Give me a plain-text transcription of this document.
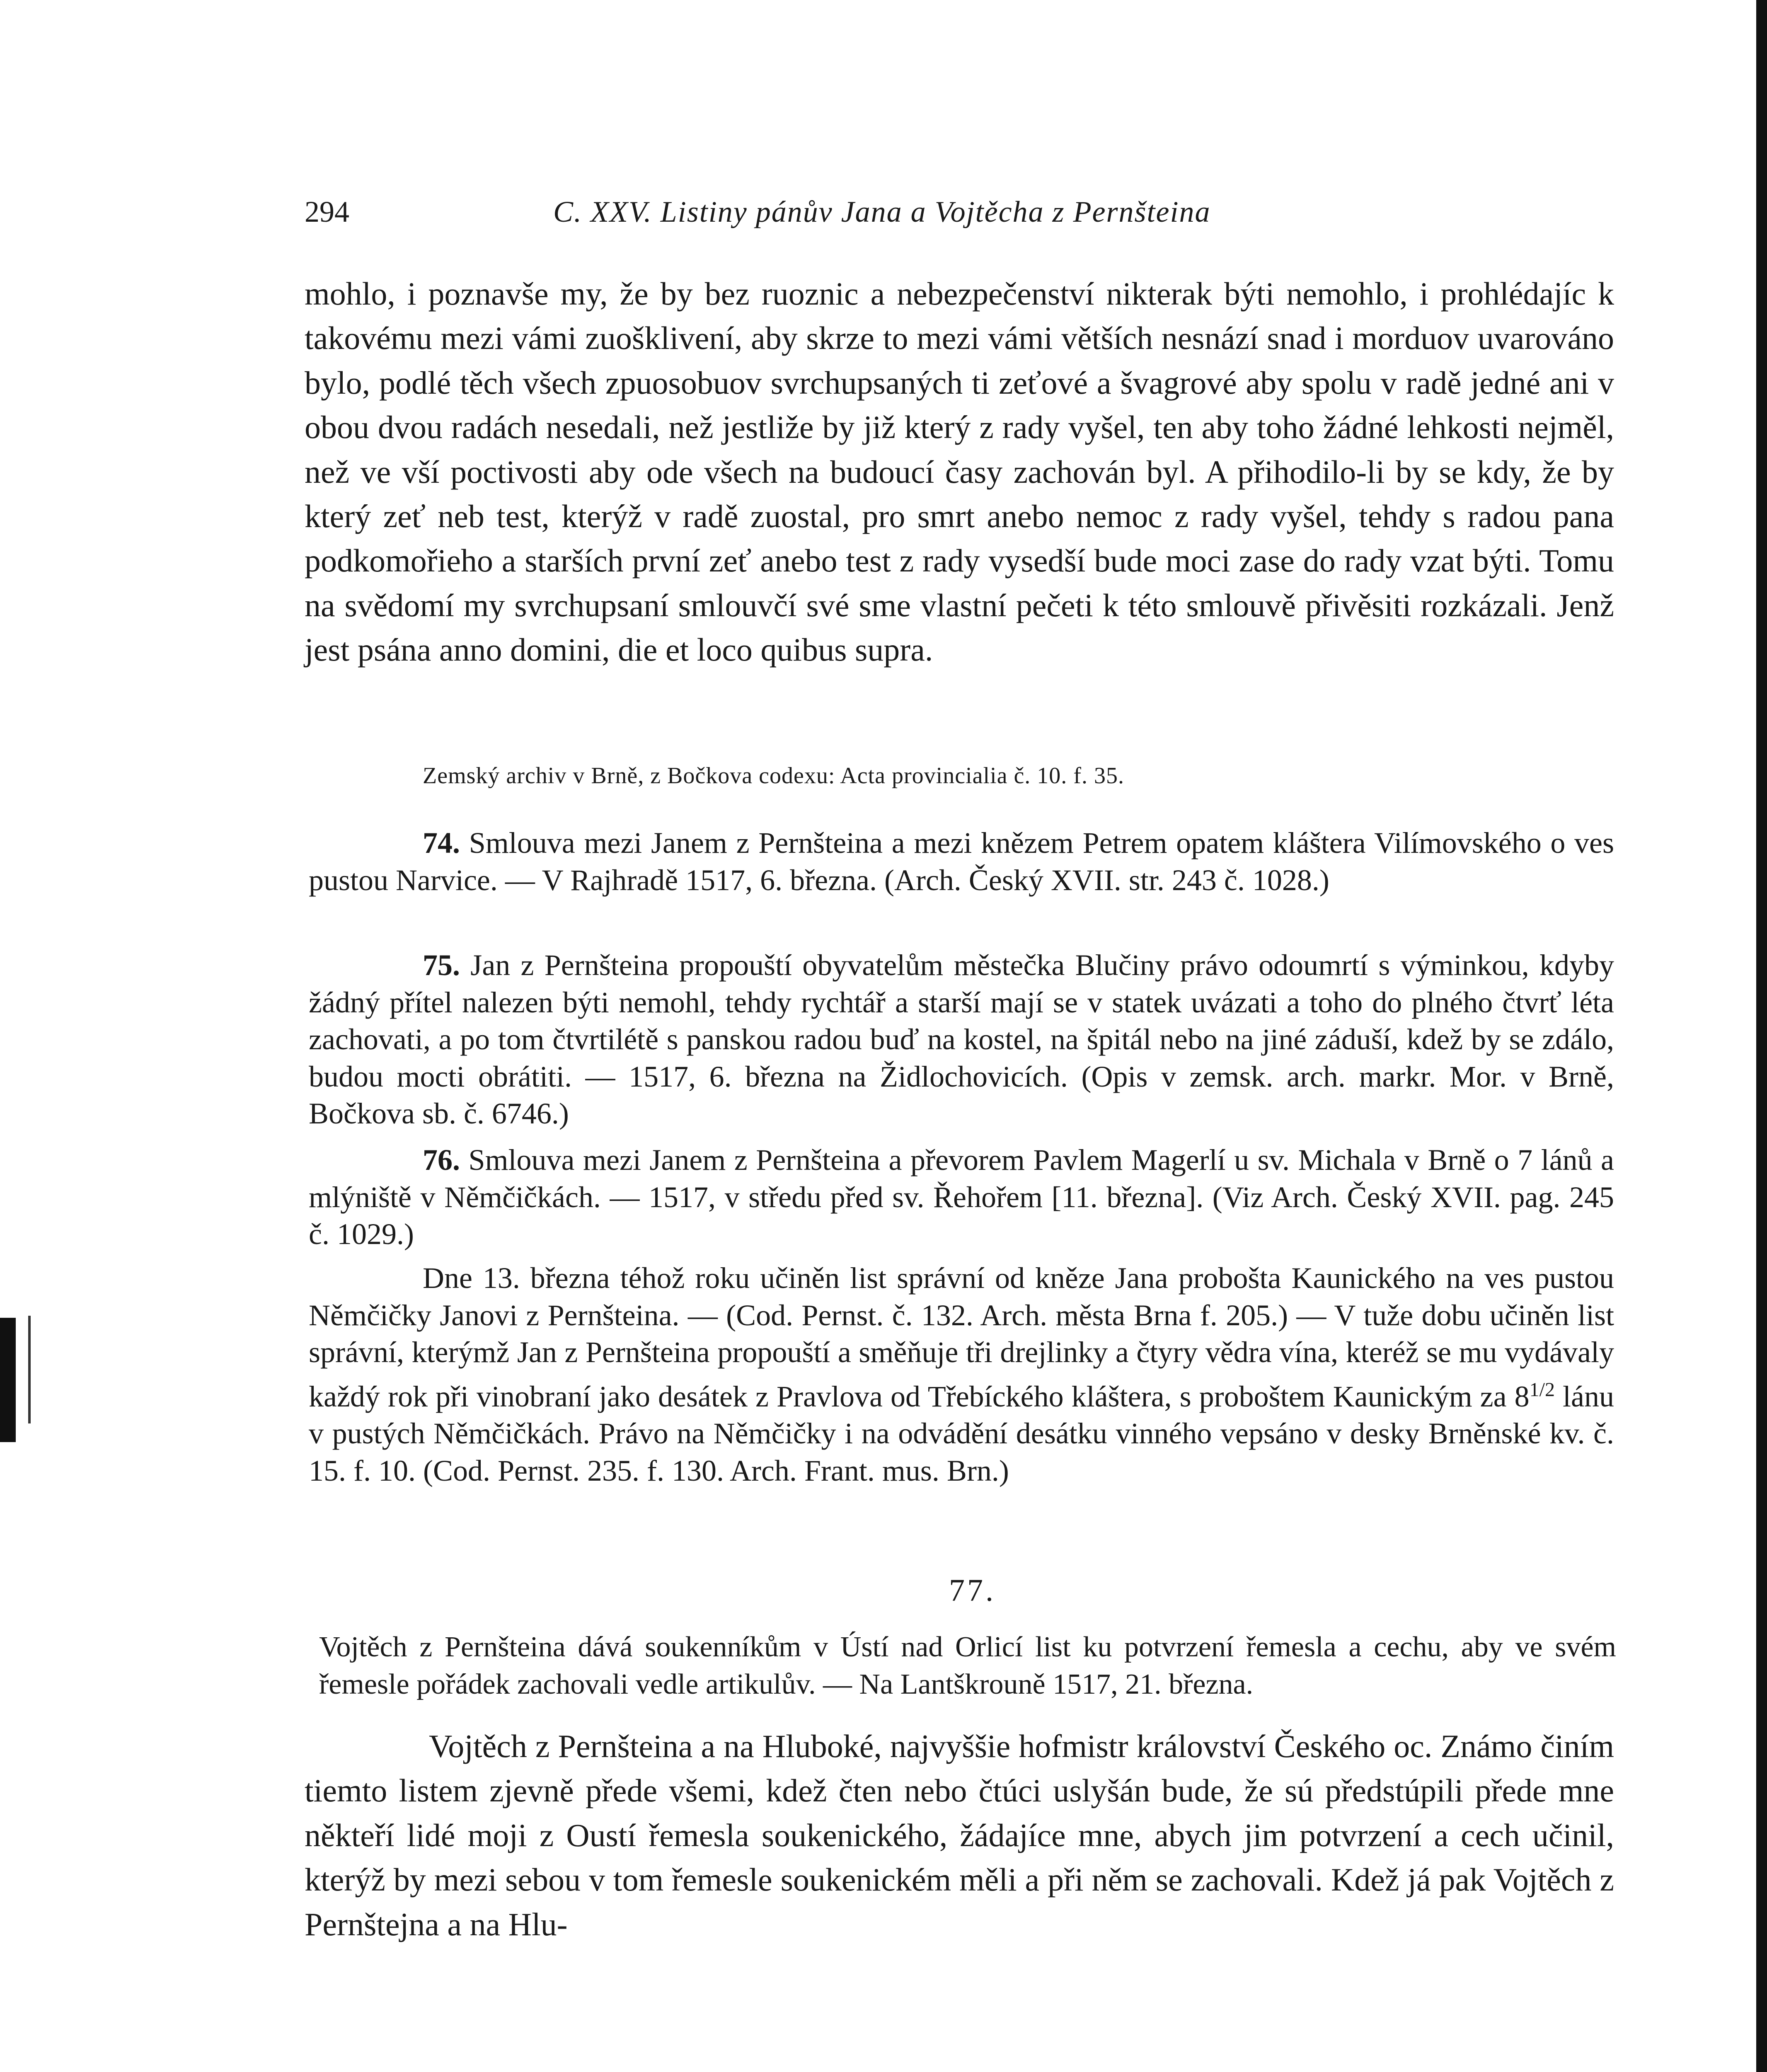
294	C. XXV. Listiny pánův Jana a Vojtěcha z Pernšteina

mohlo, i poznavše my, že by bez ruoznic a nebezpečenství nikterak býti nemohlo, i prohlédajíc k takovému mezi vámi zuošklivení, aby skrze to mezi vámi větších nesnází snad i morduov uvarováno bylo, podlé těch všech zpuosobuov svrchupsaných ti zeťové a švagrové aby spolu v radě jedné ani v obou dvou radách nesedali, než jestliže by již který z rady vyšel, ten aby toho žádné lehkosti nejměl, než ve vší poctivosti aby ode všech na budoucí časy zachován byl. A přihodilo-li by se kdy, že by který zeť neb test, kterýž v radě zuostal, pro smrt anebo nemoc z rady vyšel, tehdy s radou pana podkomořieho a starších první zeť anebo test z rady vysedší bude moci zase do rady vzat býti. Tomu na svědomí my svrchupsaní smlouvčí své sme vlastní pečeti k této smlouvě přivěsiti rozkázali. Jenž jest psána anno domini, die et loco quibus supra.

Zemský archiv v Brně, z Bočkova codexu: Acta provincialia č. 10. f. 35.

74. Smlouva mezi Janem z Pernšteina a mezi knězem Petrem opatem kláštera Vilímovského o ves pustou Narvice. — V Rajhradě 1517, 6. března. (Arch. Český XVII. str. 243 č. 1028.)

75. Jan z Pernšteina propouští obyvatelům městečka Blučiny právo odoumrtí s výminkou, kdyby žádný přítel nalezen býti nemohl, tehdy rychtář a starší mají se v statek uvázati a toho do plného čtvrť léta zachovati, a po tom čtvrtilétě s panskou radou buď na kostel, na špitál nebo na jiné záduší, kdež by se zdálo, budou mocti obrátiti. — 1517, 6. března na Židlochovicích. (Opis v zemsk. arch. markr. Mor. v Brně, Bočkova sb. č. 6746.)

76. Smlouva mezi Janem z Pernšteina a převorem Pavlem Magerlí u sv. Michala v Brně o 7 lánů a mlýniště v Němčičkách. — 1517, v středu před sv. Řehořem [11. března]. (Viz Arch. Český XVII. pag. 245 č. 1029.)

Dne 13. března téhož roku učiněn list správní od kněze Jana probošta Kaunického na ves pustou Němčičky Janovi z Pernšteina. — (Cod. Pernst. č. 132. Arch. města Brna f. 205.) — V tuže dobu učiněn list správní, kterýmž Jan z Pernšteina propouští a směňuje tři drejlinky a čtyry vědra vína, kteréž se mu vydávaly každý rok při vinobraní jako desátek z Pravlova od Třebíckého kláštera, s proboštem Kaunickým za $8^{1/2}$ lánu v pustých Němčičkách. Právo na Němčičky i na odvádění desátku vinného vepsáno v desky Brněnské kv. č. 15. f. 10. (Cod. Pernst. 235. f. 130. Arch. Frant. mus. Brn.)

77.

Vojtěch z Pernšteina dává soukenníkům v Ústí nad Orlicí list ku potvrzení řemesla a cechu, aby ve svém řemesle pořádek zachovali vedle artikulův. — Na Lantškrouně 1517, 21. března.

Vojtěch z Pernšteina a na Hluboké, najvyššie hofmistr království Českého oc. Známo činím tiemto listem zjevně přede všemi, kdež čten nebo čtúci uslyšán bude, že sú předstúpili přede mne někteří lidé moji z Oustí řemesla soukenického, žádajíce mne, abych jim potvrzení a cech učinil, kterýž by mezi sebou v tom řemesle soukenickém měli a při něm se zachovali. Kdež já pak Vojtěch z Pernštejna a na Hlu-
